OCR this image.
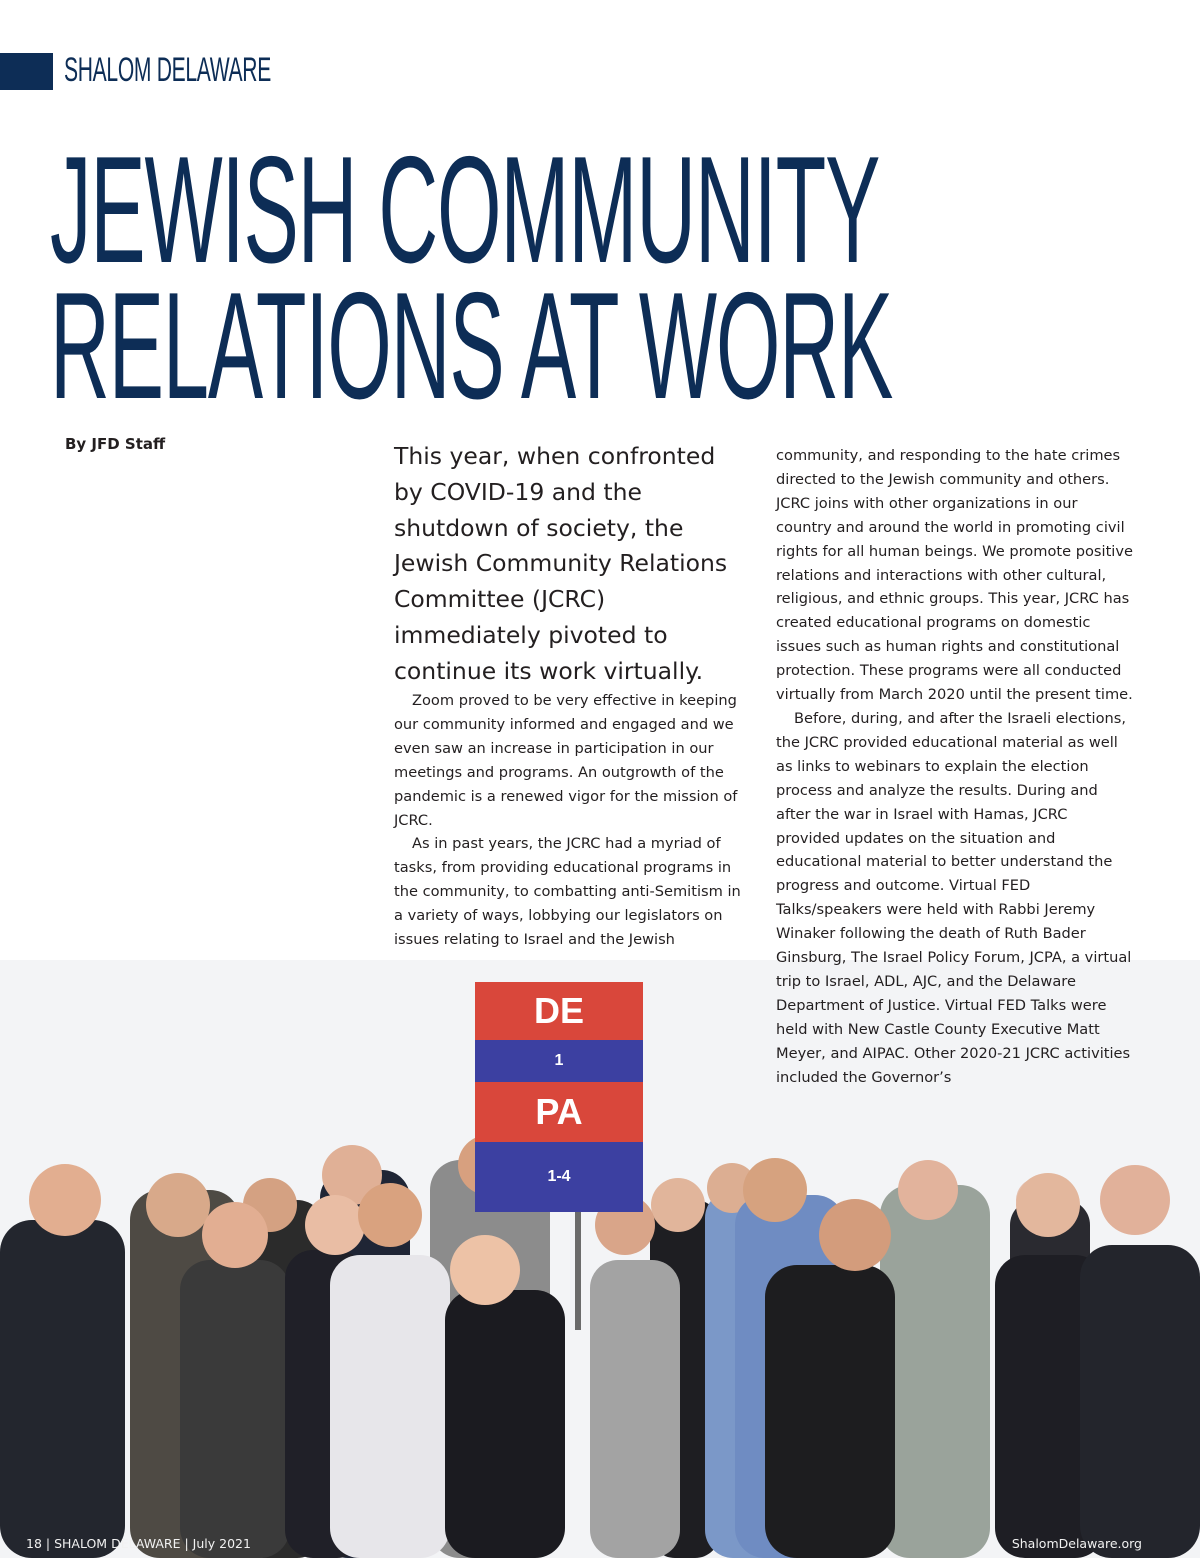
SHALOM DELAWARE
JEWISH COMMUNITY
RELATIONS AT WORK
By JFD Staff	This year, when confronted by COVID-19 and the shutdown of society, the Jewish Community Relations Committee (JCRC) immediately pivoted to continue its work virtually.

Zoom proved to be very effective in keeping our community informed and engaged and we even saw an increase in participation in our meetings and programs. An outgrowth of the pandemic is a renewed vigor for the mission of JCRC.

As in past years, the JCRC had a myriad of tasks, from providing educational programs in the community, to combatting anti-Semitism in a variety of ways, lobbying our legislators on issues relating to Israel and the Jewish

DE
1
PA
1-4

community, and responding to the hate crimes directed to the Jewish community and others. JCRC joins with other organizations in our country and around the world in promoting civil rights for all human beings. We promote positive relations and interactions with other cultural, religious, and ethnic groups. This year, JCRC has created educational programs on domestic issues such as human rights and constitutional protection. These programs were all conducted virtually from March 2020 until the present time.

Before, during, and after the Israeli elections, the JCRC provided educational material as well as links to webinars to explain the election process and analyze the results. During and after the war in Israel with Hamas, JCRC provided updates on the situation and educational material to better understand the progress and outcome. Virtual FED Talks/speakers were held with Rabbi Jeremy Winaker following the death of Ruth Bader Ginsburg, The Israel Policy Forum, JCPA, a virtual trip to Israel, ADL, AJC, and the Delaware Department of Justice. Virtual FED Talks were held with New Castle County Executive Matt Meyer, and AIPAC. Other 2020-21 JCRC activities included the Governor’s

18 | SHALOM DELAWARE | July 2021	ShalomDelaware.org
